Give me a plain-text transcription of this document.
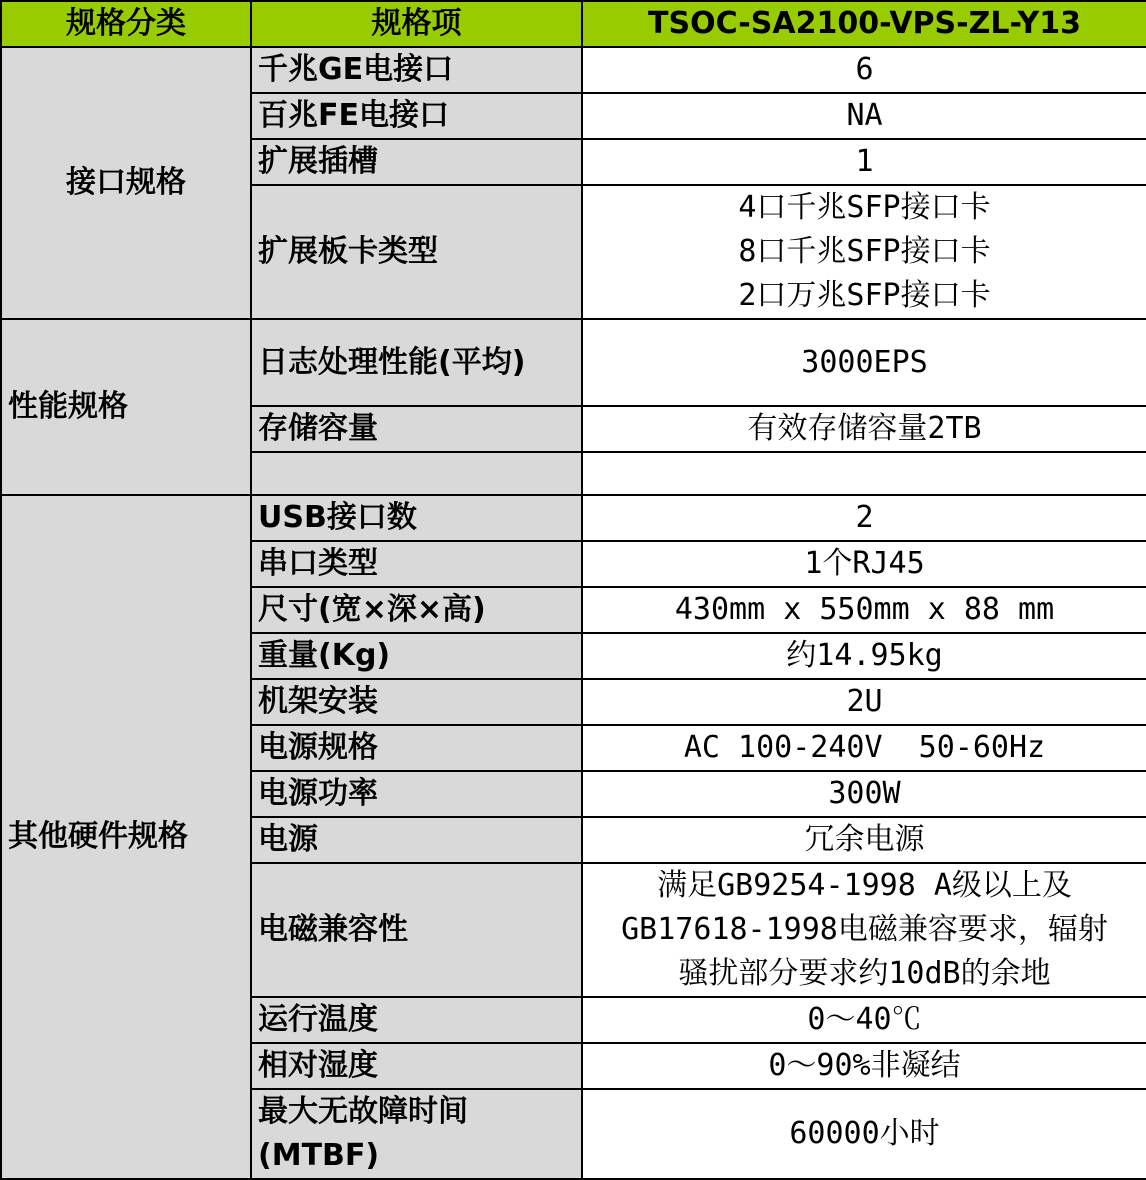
规格分类	规格项	TSOC-SA2100-VPS-ZL-Y13
接口规格	千兆GE电接口	6
	百兆FE电接口	NA
	扩展插槽	1
	扩展板卡类型	4口千兆SFP接口卡
8口千兆SFP接口卡
2口万兆SFP接口卡

性能规格	日志处理性能(平均)	3000EPS
	存储容量	有效存储容量2TB

其他硬件规格	USB接口数	2
	串口类型	1个RJ45
	尺寸(宽×深×高)	430mm x 550mm x 88 mm
	重量(Kg)	约14.95kg
	机架安装	2U
	电源规格	AC 100-240V  50-60Hz
	电源功率	300W
	电源	冗余电源
	电磁兼容性	满足GB9254-1998 A级以上及
GB17618-1998电磁兼容要求，辐射
骚扰部分要求约10dB的余地

	运行温度	0～40℃
	相对湿度	0～90%非凝结
	最大无故障时间(MTBF)	60000小时
